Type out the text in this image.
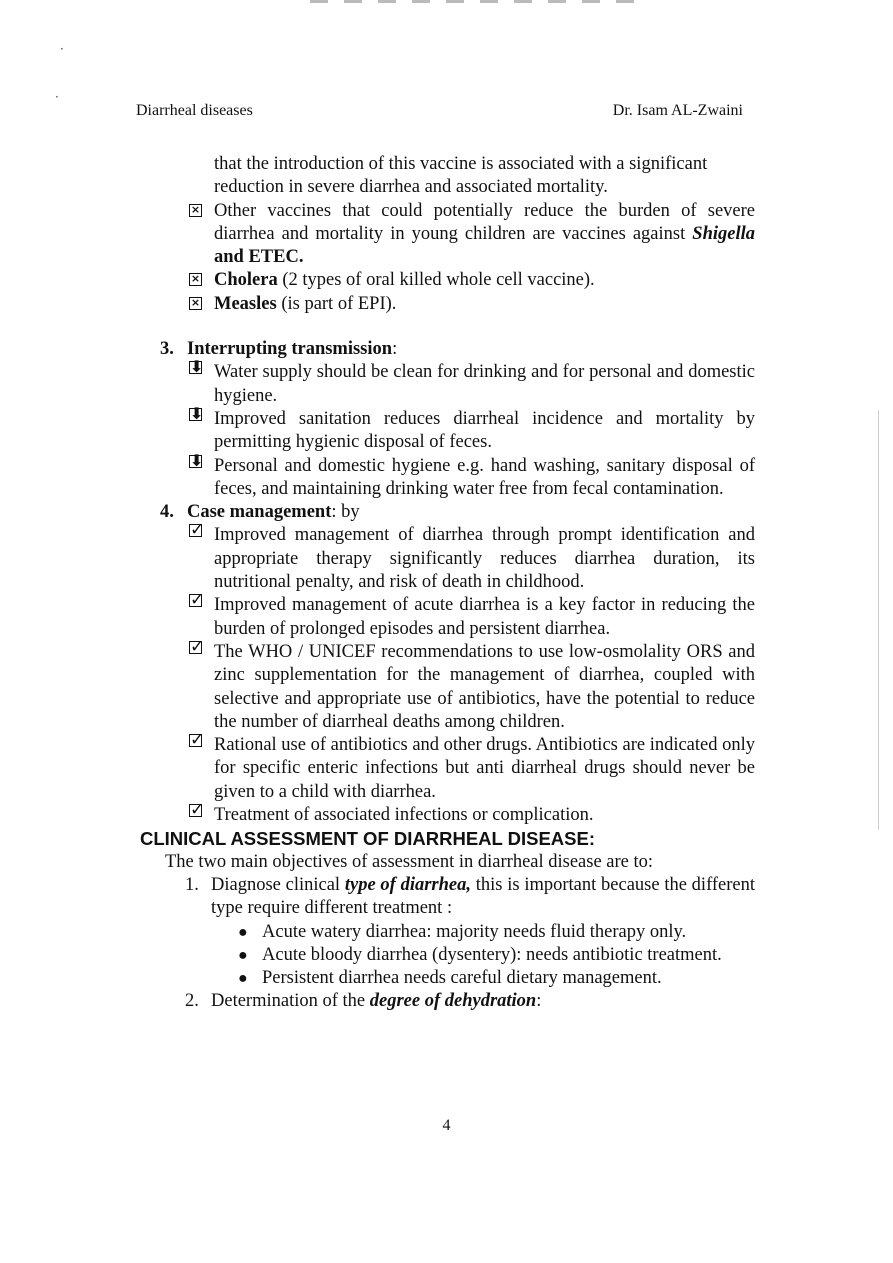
·
·
Diarrheal diseases	Dr. Isam AL-Zwaini
that the introduction of this vaccine is associated with a significant
reduction in severe diarrhea and associated mortality.
× Other vaccines that could potentially reduce the burden of severe diarrhea and mortality in young children are vaccines against Shigella and ETEC.
× Cholera (2 types of oral killed whole cell vaccine).
× Measles (is part of EPI).
3. Interrupting transmission:
⬇ Water supply should be clean for drinking and for personal and domestic hygiene.
⬇ Improved sanitation reduces diarrheal incidence and mortality by permitting hygienic disposal of feces.
⬇ Personal and domestic hygiene e.g. hand washing, sanitary disposal of feces, and maintaining drinking water free from fecal contamination.
4. Case management: by
✓ Improved management of diarrhea through prompt identification and appropriate therapy significantly reduces diarrhea duration, its nutritional penalty, and risk of death in childhood.
✓ Improved management of acute diarrhea is a key factor in reducing the burden of prolonged episodes and persistent diarrhea.
✓ The WHO / UNICEF recommendations to use low-osmolality ORS and zinc supplementation for the management of diarrhea, coupled with selective and appropriate use of antibiotics, have the potential to reduce the number of diarrheal deaths among children.
✓ Rational use of antibiotics and other drugs. Antibiotics are indicated only for specific enteric infections but anti diarrheal drugs should never be given to a child with diarrhea.
✓ Treatment of associated infections or complication.
CLINICAL ASSESSMENT OF DIARRHEAL DISEASE:
The two main objectives of assessment in diarrheal disease are to:
1. Diagnose clinical type of diarrhea, this is important because the different type require different treatment :
● Acute watery diarrhea: majority needs fluid therapy only.
● Acute bloody diarrhea (dysentery): needs antibiotic treatment.
● Persistent diarrhea needs careful dietary management.
2. Determination of the degree of dehydration:
4
